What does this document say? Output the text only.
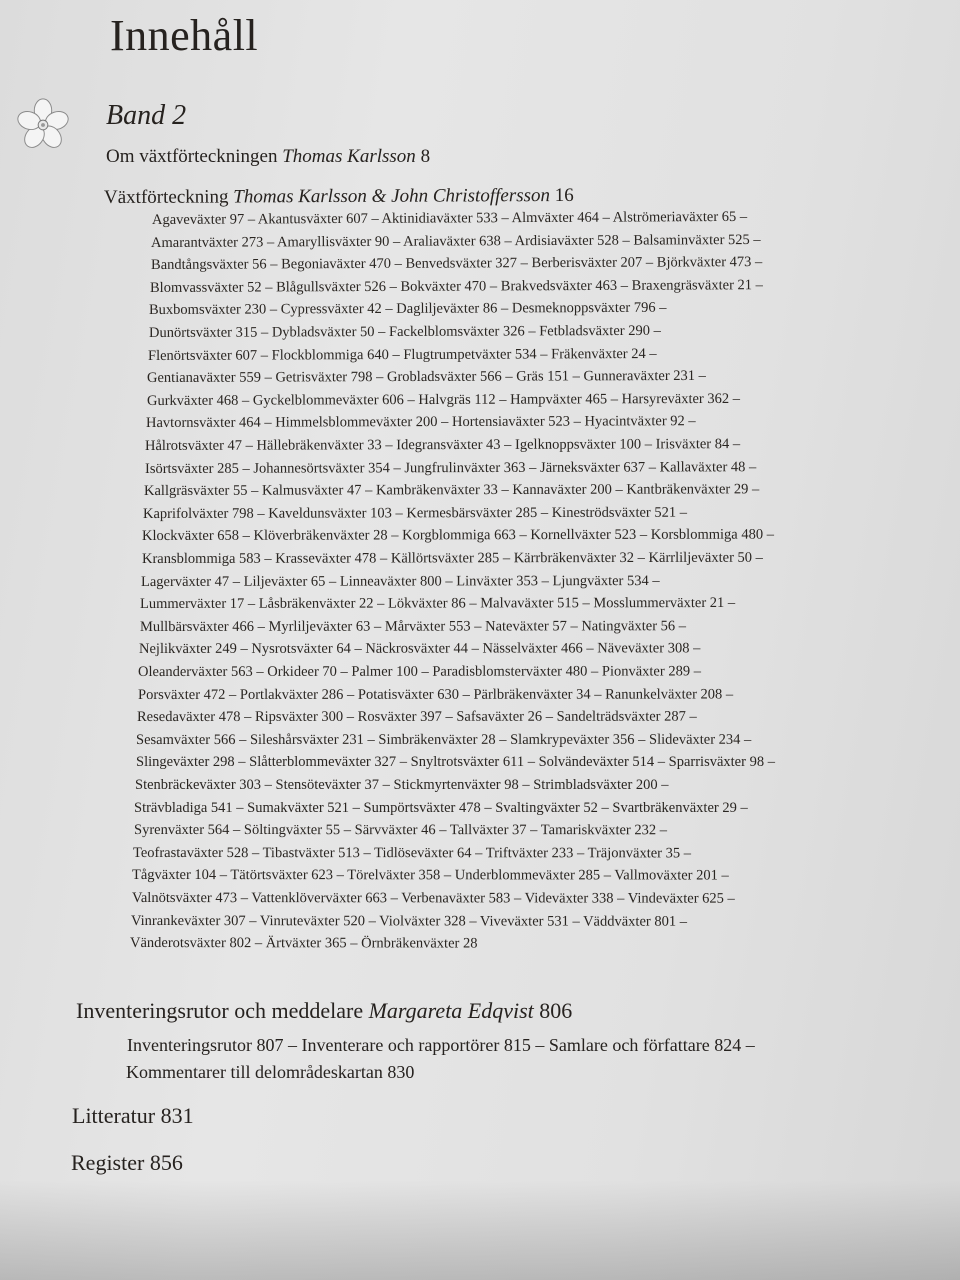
Innehåll
Band 2
Om växtförteckningen Thomas Karlsson 8
Växtförteckning Thomas Karlsson & John Christoffersson 16
Agaveväxter 97 – Akantusväxter 607 – Aktinidiaväxter 533 – Almväxter 464 – Alströmeriaväxter 65 –
Amarantväxter 273 – Amaryllisväxter 90 – Araliaväxter 638 – Ardisiaväxter 528 – Balsaminväxter 525 –
Bandtångsväxter 56 – Begoniaväxter 470 – Benvedsväxter 327 – Berberisväxter 207 – Björkväxter 473 –
Blomvassväxter 52 – Blågullsväxter 526 – Bokväxter 470 – Brakvedsväxter 463 – Braxengräsväxter 21 –
Buxbomsväxter 230 – Cypressväxter 42 – Dagliljeväxter 86 – Desmeknoppsväxter 796 –
Dunörtsväxter 315 – Dybladsväxter 50 – Fackelblomsväxter 326 – Fetbladsväxter 290 –
Flenörtsväxter 607 – Flockblommiga 640 – Flugtrumpetväxter 534 – Fräkenväxter 24 –
Gentianaväxter 559 – Getrisväxter 798 – Grobladsväxter 566 – Gräs 151 – Gunneraväxter 231 –
Gurkväxter 468 – Gyckelblommeväxter 606 – Halvgräs 112 – Hampväxter 465 – Harsyreväxter 362 –
Havtornsväxter 464 – Himmelsblommeväxter 200 – Hortensiaväxter 523 – Hyacintväxter 92 –
Hålrotsväxter 47 – Hällebräkenväxter 33 – Idegransväxter 43 – Igelknoppsväxter 100 – Irisväxter 84 –
Isörtsväxter 285 – Johannesörtsväxter 354 – Jungfrulinväxter 363 – Järneksväxter 637 – Kallaväxter 48 –
Kallgräsväxter 55 – Kalmusväxter 47 – Kambräkenväxter 33 – Kannaväxter 200 – Kantbräkenväxter 29 –
Kaprifolväxter 798 – Kaveldunsväxter 103 – Kermesbärsväxter 285 – Kineströdsväxter 521 –
Klockväxter 658 – Klöverbräkenväxter 28 – Korgblommiga 663 – Kornellväxter 523 – Korsblommiga 480 –
Kransblommiga 583 – Krasseväxter 478 – Källörtsväxter 285 – Kärrbräkenväxter 32 – Kärrliljeväxter 50 –
Lagerväxter 47 – Liljeväxter 65 – Linneaväxter 800 – Linväxter 353 – Ljungväxter 534 –
Lummerväxter 17 – Låsbräkenväxter 22 – Lökväxter 86 – Malvaväxter 515 – Mosslummerväxter 21 –
Mullbärsväxter 466 – Myrliljeväxter 63 – Mårväxter 553 – Nateväxter 57 – Natingväxter 56 –
Nejlikväxter 249 – Nysrotsväxter 64 – Näckrosväxter 44 – Nässelväxter 466 – Näveväxter 308 –
Oleanderväxter 563 – Orkideer 70 – Palmer 100 – Paradisblomsterväxter 480 – Pionväxter 289 –
Porsväxter 472 – Portlakväxter 286 – Potatisväxter 630 – Pärlbräkenväxter 34 – Ranunkelväxter 208 –
Resedaväxter 478 – Ripsväxter 300 – Rosväxter 397 – Safsaväxter 26 – Sandelträdsväxter 287 –
Sesamväxter 566 – Sileshårsväxter 231 – Simbräkenväxter 28 – Slamkrypeväxter 356 – Slideväxter 234 –
Slingeväxter 298 – Slåtterblommeväxter 327 – Snyltrotsväxter 611 – Solvändeväxter 514 – Sparrisväxter 98 –
Stenbräckeväxter 303 – Stensöteväxter 37 – Stickmyrtenväxter 98 – Strimbladsväxter 200 –
Strävbladiga 541 – Sumakväxter 521 – Sumpörtsväxter 478 – Svaltingväxter 52 – Svartbräkenväxter 29 –
Syrenväxter 564 – Söltingväxter 55 – Särvväxter 46 – Tallväxter 37 – Tamariskväxter 232 –
Teofrastaväxter 528 – Tibastväxter 513 – Tidlöseväxter 64 – Triftväxter 233 – Träjonväxter 35 –
Tågväxter 104 – Tätörtsväxter 623 – Törelväxter 358 – Underblommeväxter 285 – Vallmoväxter 201 –
Valnötsväxter 473 – Vattenklöverväxter 663 – Verbenaväxter 583 – Videväxter 338 – Vindeväxter 625 –
Vinrankeväxter 307 – Vinruteväxter 520 – Violväxter 328 – Viveväxter 531 – Väddväxter 801 –
Vänderotsväxter 802 – Ärtväxter 365 – Örnbräkenväxter 28
Inventeringsrutor och meddelare Margareta Edqvist 806
Inventeringsrutor 807 – Inventerare och rapportörer 815 – Samlare och författare 824 –
Kommentarer till delområdeskartan 830
Litteratur 831
Register 856
